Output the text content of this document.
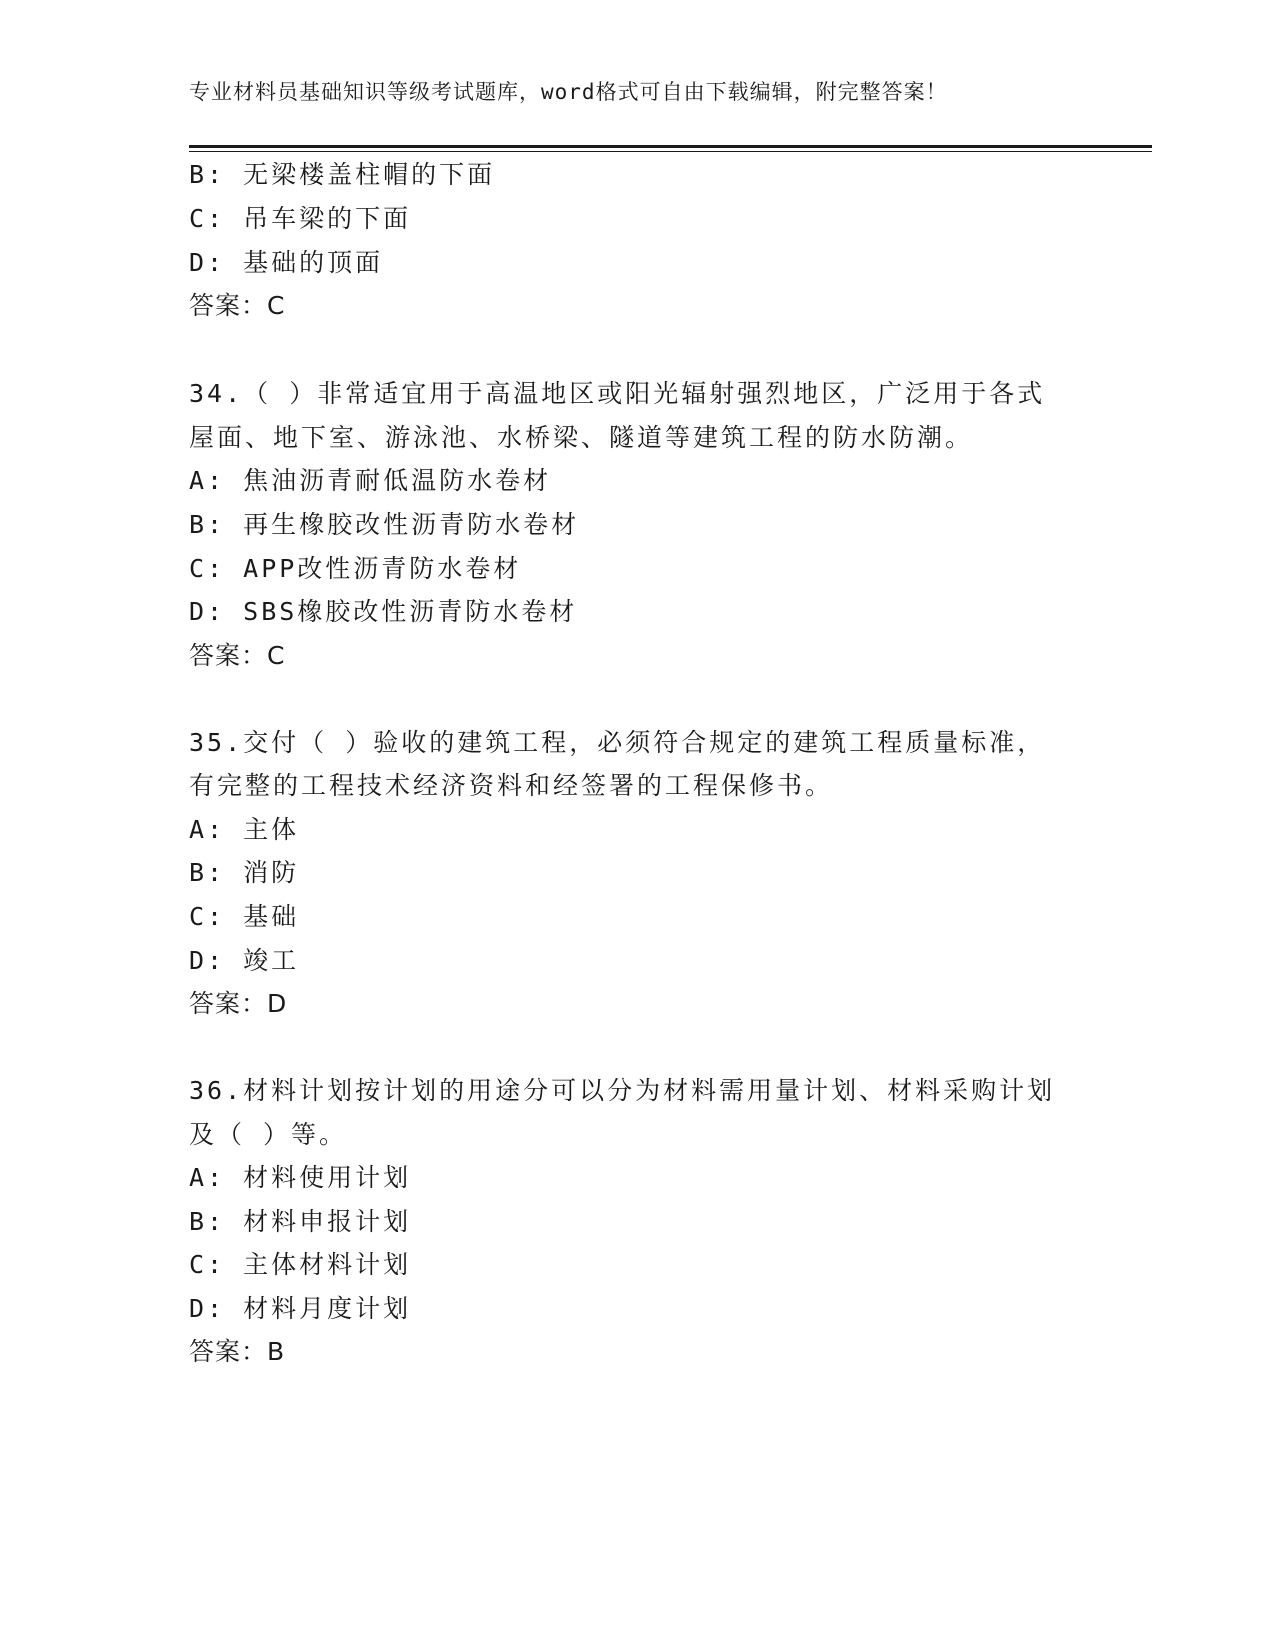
专业材料员基础知识等级考试题库，word格式可自由下载编辑，附完整答案！
B: 无梁楼盖柱帽的下面
C: 吊车梁的下面
D: 基础的顶面
答案：C
34.（ ）非常适宜用于高温地区或阳光辐射强烈地区，广泛用于各式
屋面、地下室、游泳池、水桥梁、隧道等建筑工程的防水防潮。
A: 焦油沥青耐低温防水卷材
B: 再生橡胶改性沥青防水卷材
C: APP改性沥青防水卷材
D: SBS橡胶改性沥青防水卷材
答案：C
35.交付（ ）验收的建筑工程，必须符合规定的建筑工程质量标准，
有完整的工程技术经济资料和经签署的工程保修书。
A: 主体
B: 消防
C: 基础
D: 竣工
答案：D
36.材料计划按计划的用途分可以分为材料需用量计划、材料采购计划
及（ ）等。
A: 材料使用计划
B: 材料申报计划
C: 主体材料计划
D: 材料月度计划
答案：B
